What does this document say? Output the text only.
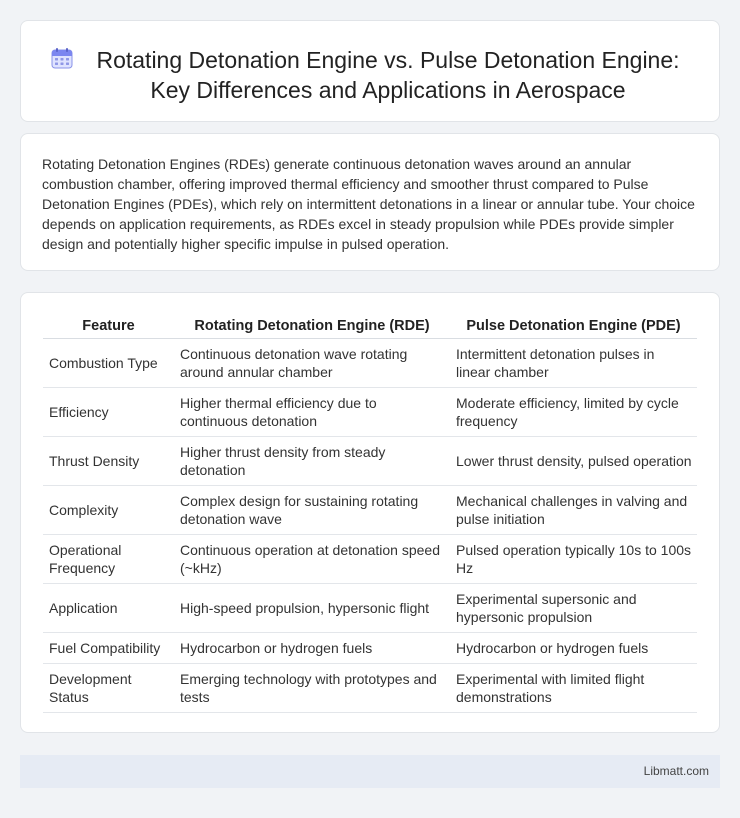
Rotating Detonation Engine vs. Pulse Detonation Engine: Key Differences and Applications in Aerospace

Rotating Detonation Engines (RDEs) generate continuous detonation waves around an annular combustion chamber, offering improved thermal efficiency and smoother thrust compared to Pulse Detonation Engines (PDEs), which rely on intermittent detonations in a linear or annular tube. Your choice depends on application requirements, as RDEs excel in steady propulsion while PDEs provide simpler design and potentially higher specific impulse in pulsed operation.

Feature	Rotating Detonation Engine (RDE)	Pulse Detonation Engine (PDE)
Combustion Type	Continuous detonation wave rotating around annular chamber	Intermittent detonation pulses in linear chamber
Efficiency	Higher thermal efficiency due to continuous detonation	Moderate efficiency, limited by cycle frequency
Thrust Density	Higher thrust density from steady detonation	Lower thrust density, pulsed operation
Complexity	Complex design for sustaining rotating detonation wave	Mechanical challenges in valving and pulse initiation
Operational Frequency	Continuous operation at detonation speed (~kHz)	Pulsed operation typically 10s to 100s Hz
Application	High-speed propulsion, hypersonic flight	Experimental supersonic and hypersonic propulsion
Fuel Compatibility	Hydrocarbon or hydrogen fuels	Hydrocarbon or hydrogen fuels
Development Status	Emerging technology with prototypes and tests	Experimental with limited flight demonstrations
Libmatt.com
